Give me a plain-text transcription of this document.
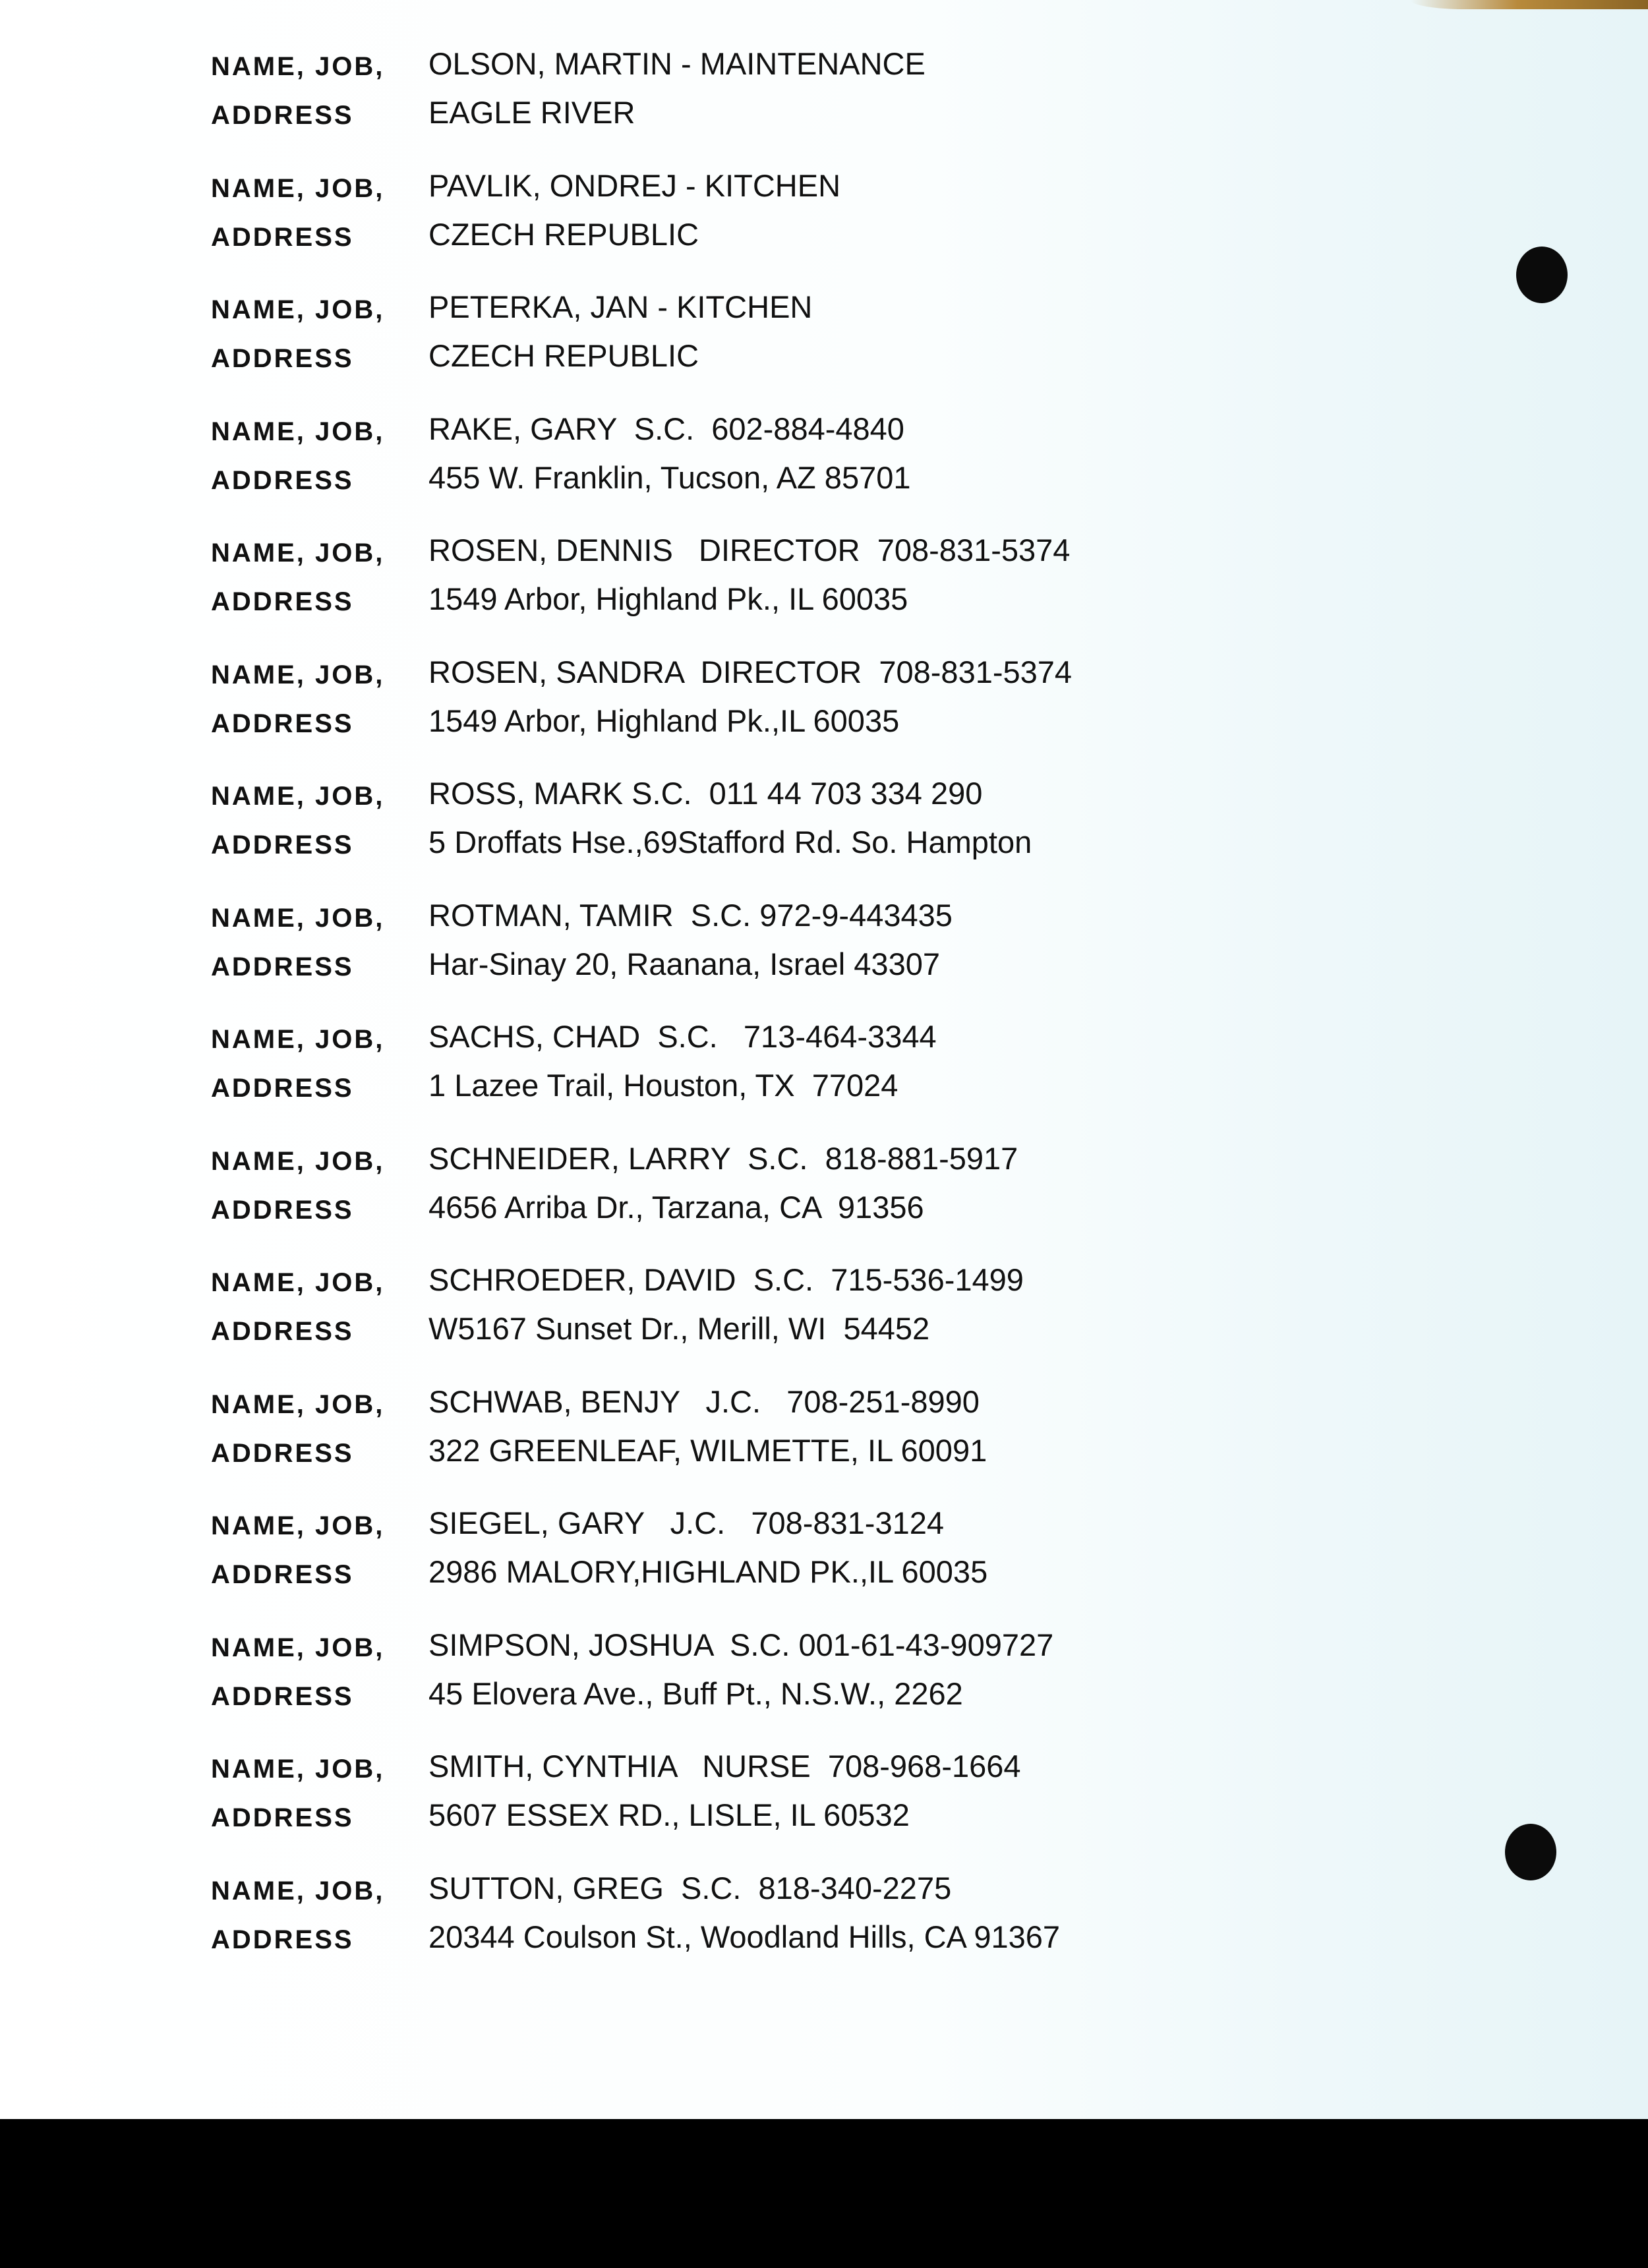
NAME, JOB, OLSON, MARTIN - MAINTENANCE
ADDRESS EAGLE RIVER
NAME, JOB, PAVLIK, ONDREJ - KITCHEN
ADDRESS CZECH REPUBLIC
NAME, JOB, PETERKA, JAN - KITCHEN
ADDRESS CZECH REPUBLIC
NAME, JOB, RAKE, GARY  S.C.  602-884-4840
ADDRESS 455 W. Franklin, Tucson, AZ 85701
NAME, JOB, ROSEN, DENNIS   DIRECTOR  708-831-5374
ADDRESS 1549 Arbor, Highland Pk., IL 60035
NAME, JOB, ROSEN, SANDRA  DIRECTOR  708-831-5374
ADDRESS 1549 Arbor, Highland Pk.,IL 60035
NAME, JOB, ROSS, MARK S.C.  011 44 703 334 290
ADDRESS 5 Droffats Hse.,69Stafford Rd. So. Hampton
NAME, JOB, ROTMAN, TAMIR  S.C. 972-9-443435
ADDRESS Har-Sinay 20, Raanana, Israel 43307
NAME, JOB, SACHS, CHAD  S.C.   713-464-3344
ADDRESS 1 Lazee Trail, Houston, TX  77024
NAME, JOB, SCHNEIDER, LARRY  S.C.  818-881-5917
ADDRESS 4656 Arriba Dr., Tarzana, CA  91356
NAME, JOB, SCHROEDER, DAVID  S.C.  715-536-1499
ADDRESS W5167 Sunset Dr., Merill, WI  54452
NAME, JOB, SCHWAB, BENJY   J.C.   708-251-8990
ADDRESS 322 GREENLEAF, WILMETTE, IL 60091
NAME, JOB, SIEGEL, GARY   J.C.   708-831-3124
ADDRESS 2986 MALORY,HIGHLAND PK.,IL 60035
NAME, JOB, SIMPSON, JOSHUA  S.C. 001-61-43-909727
ADDRESS 45 Elovera Ave., Buff Pt., N.S.W., 2262
NAME, JOB, SMITH, CYNTHIA   NURSE  708-968-1664
ADDRESS 5607 ESSEX RD., LISLE, IL 60532
NAME, JOB, SUTTON, GREG  S.C.  818-340-2275
ADDRESS 20344 Coulson St., Woodland Hills, CA 91367
